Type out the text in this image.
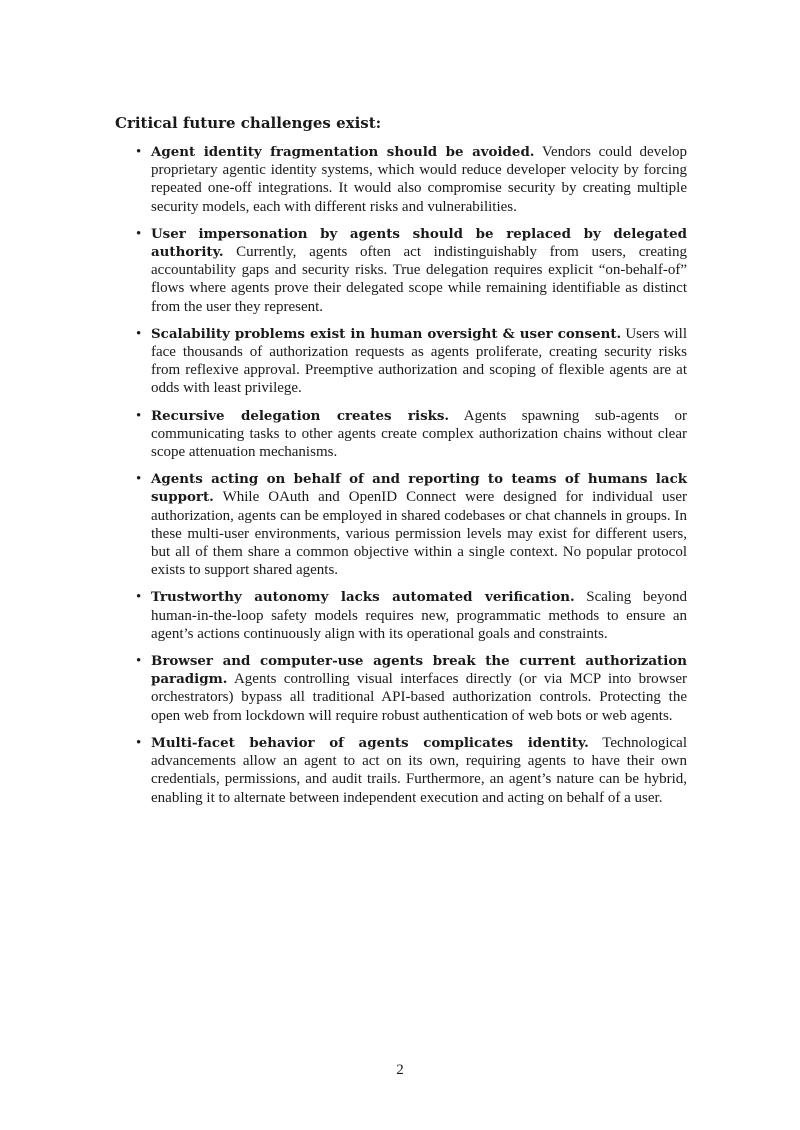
Critical future challenges exist:

• Agent identity fragmentation should be avoided. Vendors could develop proprietary agentic identity systems, which would reduce developer velocity by forcing repeated one-off integrations. It would also compromise security by creating multiple security models, each with different risks and vulnerabilities.
• User impersonation by agents should be replaced by delegated authority. Currently, agents often act indistinguishably from users, creating accountability gaps and security risks. True delegation requires explicit “on-behalf-of” flows where agents prove their delegated scope while remaining identifiable as distinct from the user they represent.
• Scalability problems exist in human oversight & user consent. Users will face thousands of authorization requests as agents proliferate, creating security risks from reflexive approval. Preemptive authorization and scoping of flexible agents are at odds with least privilege.
• Recursive delegation creates risks. Agents spawning sub-agents or communicating tasks to other agents create complex authorization chains without clear scope attenuation mechanisms.
• Agents acting on behalf of and reporting to teams of humans lack support. While OAuth and OpenID Connect were designed for individual user authorization, agents can be employed in shared codebases or chat channels in groups. In these multi-user environments, various permission levels may exist for different users, but all of them share a common objective within a single context. No popular protocol exists to support shared agents.
• Trustworthy autonomy lacks automated verification. Scaling beyond human-in-the-loop safety models requires new, programmatic methods to ensure an agent’s actions continuously align with its operational goals and constraints.
• Browser and computer-use agents break the current authorization paradigm. Agents controlling visual interfaces directly (or via MCP into browser orchestrators) bypass all traditional API-based authorization controls. Protecting the open web from lockdown will require robust authentication of web bots or web agents.
• Multi-facet behavior of agents complicates identity. Technological advancements allow an agent to act on its own, requiring agents to have their own credentials, permissions, and audit trails. Furthermore, an agent’s nature can be hybrid, enabling it to alternate between independent execution and acting on behalf of a user.
2
